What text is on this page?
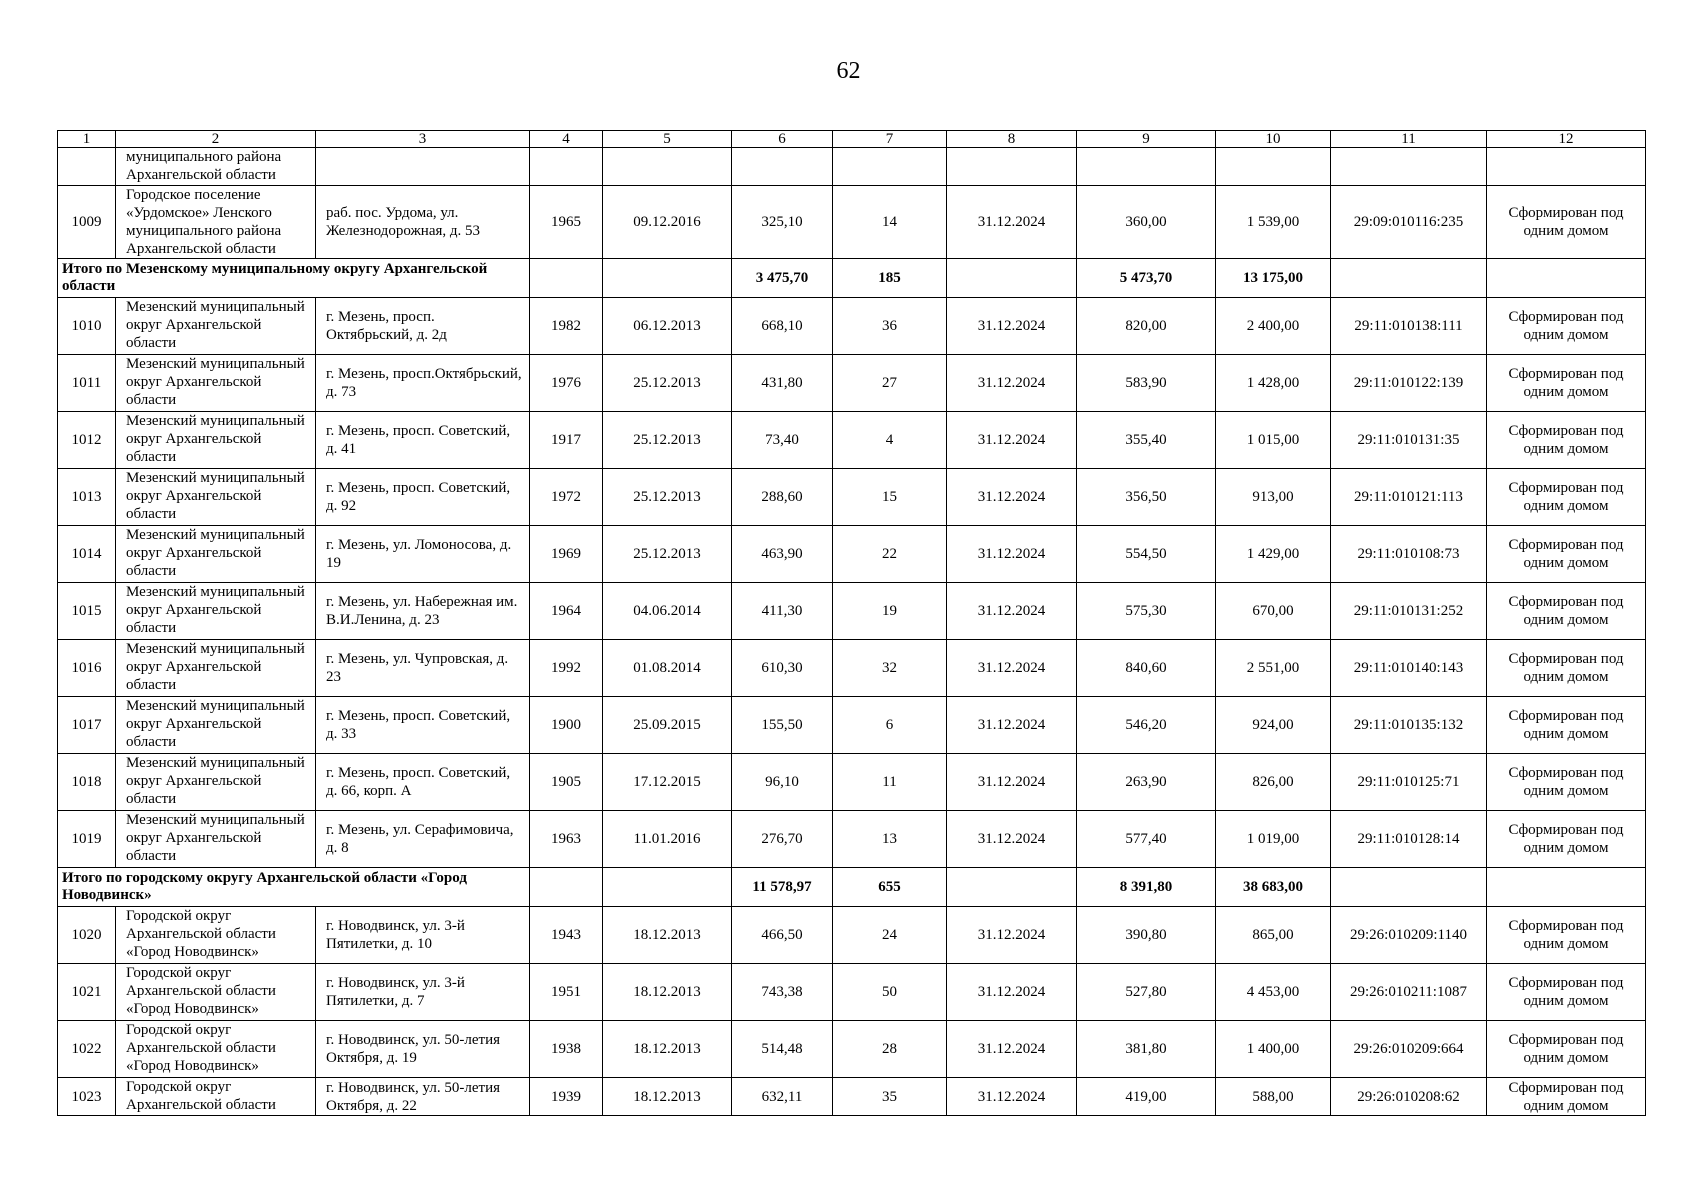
62
1	2	3	4	5	6	7	8	9	10	11	12
	муниципального района Архангельской области										
1009	Городское поселение «Урдомское» Ленского муниципального района Архангельской области	раб. пос. Урдома, ул. Железнодорожная, д. 53	1965	09.12.2016	325,10	14	31.12.2024	360,00	1 539,00	29:09:010116:235	Сформирован под одним домом
Итого по Мезенскому муниципальному округу Архангельской области					3 475,70	185		5 473,70	13 175,00		
1010	Мезенский муниципальный округ Архангельской области	г. Мезень, просп. Октябрьский, д. 2д	1982	06.12.2013	668,10	36	31.12.2024	820,00	2 400,00	29:11:010138:111	Сформирован под одним домом
1011	Мезенский муниципальный округ Архангельской области	г. Мезень, просп.Октябрьский, д. 73	1976	25.12.2013	431,80	27	31.12.2024	583,90	1 428,00	29:11:010122:139	Сформирован под одним домом
1012	Мезенский муниципальный округ Архангельской области	г. Мезень, просп. Советский, д. 41	1917	25.12.2013	73,40	4	31.12.2024	355,40	1 015,00	29:11:010131:35	Сформирован под одним домом
1013	Мезенский муниципальный округ Архангельской области	г. Мезень, просп. Советский, д. 92	1972	25.12.2013	288,60	15	31.12.2024	356,50	913,00	29:11:010121:113	Сформирован под одним домом
1014	Мезенский муниципальный округ Архангельской области	г. Мезень, ул. Ломоносова, д. 19	1969	25.12.2013	463,90	22	31.12.2024	554,50	1 429,00	29:11:010108:73	Сформирован под одним домом
1015	Мезенский муниципальный округ Архангельской области	г. Мезень, ул. Набережная им. В.И.Ленина, д. 23	1964	04.06.2014	411,30	19	31.12.2024	575,30	670,00	29:11:010131:252	Сформирован под одним домом
1016	Мезенский муниципальный округ Архангельской области	г. Мезень, ул. Чупровская, д. 23	1992	01.08.2014	610,30	32	31.12.2024	840,60	2 551,00	29:11:010140:143	Сформирован под одним домом
1017	Мезенский муниципальный округ Архангельской области	г. Мезень, просп. Советский, д. 33	1900	25.09.2015	155,50	6	31.12.2024	546,20	924,00	29:11:010135:132	Сформирован под одним домом
1018	Мезенский муниципальный округ Архангельской области	г. Мезень, просп. Советский, д. 66, корп. А	1905	17.12.2015	96,10	11	31.12.2024	263,90	826,00	29:11:010125:71	Сформирован под одним домом
1019	Мезенский муниципальный округ Архангельской области	г. Мезень, ул. Серафимовича, д. 8	1963	11.01.2016	276,70	13	31.12.2024	577,40	1 019,00	29:11:010128:14	Сформирован под одним домом
Итого по городскому округу Архангельской области «Город Новодвинск»					11 578,97	655		8 391,80	38 683,00		
1020	Городской округ Архангельской области «Город Новодвинск»	г. Новодвинск, ул. 3-й Пятилетки, д. 10	1943	18.12.2013	466,50	24	31.12.2024	390,80	865,00	29:26:010209:1140	Сформирован под одним домом
1021	Городской округ Архангельской области «Город Новодвинск»	г. Новодвинск, ул. 3-й Пятилетки, д. 7	1951	18.12.2013	743,38	50	31.12.2024	527,80	4 453,00	29:26:010211:1087	Сформирован под одним домом
1022	Городской округ Архангельской области «Город Новодвинск»	г. Новодвинск, ул. 50-летия Октября, д. 19	1938	18.12.2013	514,48	28	31.12.2024	381,80	1 400,00	29:26:010209:664	Сформирован под одним домом
1023	Городской округ Архангельской области	г. Новодвинск, ул. 50-летия Октября, д. 22	1939	18.12.2013	632,11	35	31.12.2024	419,00	588,00	29:26:010208:62	Сформирован под одним домом
